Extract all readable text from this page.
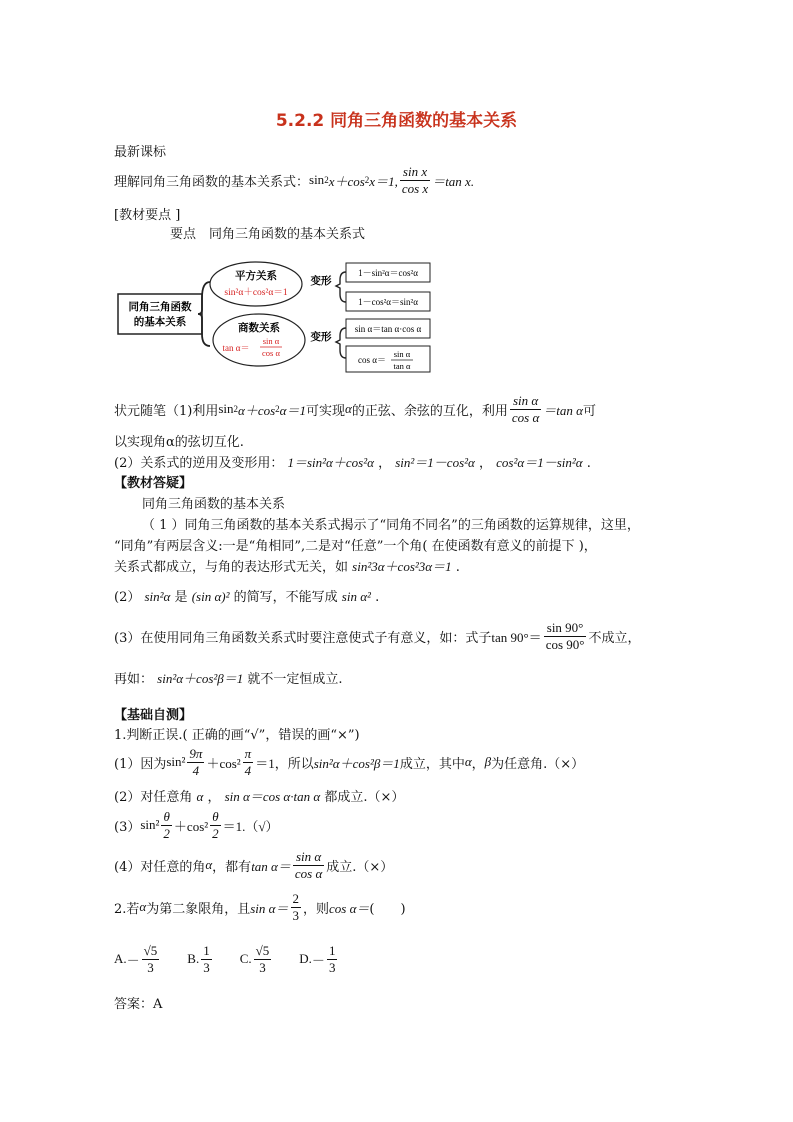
5.2.2 同角三角函数的基本关系
最新课标
理解同角三角函数的基本关系式： sin 2 x＋cos 2 x＝1, $\frac{\text{sin x}}{\text{cos x}} =\tan$ x.
[教材要点 ]
要点　同角三角函数的基本关系式
同角三角函数
的基本关系
平方关系
sin²α＋cos²α＝1
商数关系
tan α＝
sin α
cos α
变形
变形
1－sin²α＝cos²α
1－cos²α＝sin²α
sin α＝tan α·cos α
cos α＝
sin α
tan α
状元随笔（1)利用 sin 2 α＋cos 2 α＝1 可实现 α 的正弦、余弦的互化，利用 $\frac{\text{sin α}}{\text{cos α}} =\tan$ α 可
以实现角α的弦切互化.
(2）关系式的逆用及变形用： 1＝sin²α＋cos²α ， sin²＝1－cos²α ， cos²α＝1－sin²α .
【教材答疑】
同角三角函数的基本关系
（ 1 ）同角三角函数的基本关系式揭示了“同角不同名”的三角函数的运算规律，这里，
“同角”有两层含义:一是“角相同”,二是对“任意”一个角( 在使函数有意义的前提下 )，
关系式都成立，与角的表达形式无关，如 sin²3α＋cos²3α＝1 .
(2） sin²α 是 (sin α)² 的简写，不能写成 sin α² .
(3）在使用同角三角函数关系式时要注意使式子有意义，如：式子 $\tan 90^\circ= \frac{\sin 90^\circ}{\cos 90^\circ}$ 不成立，
再如： sin²α＋cos²β＝1 就不一定恒成立.
【基础自测】
1.判断正误.( 正确的画“√”，错误的画“×”)
(1）因为 $\sin^2 \frac{9\pi}{4} +\cos^2 \frac{\pi}{4} =1$ ，所以 sin²α＋cos²β＝1 成立，其中 α ， β 为任意角.（×）
(2）对任意角 α ， sin α＝cos α·tan α 都成立.（×）
(3） $\sin^2 \frac{\theta}{2} +\cos^2 \frac{\theta}{2} =1.(√)$
(4）对任意的角 α ，都有 $\tan \alpha= \frac{\text{sin α}}{\text{cos α}}$ 成立.（×）
2.若 α 为第二象限角，且 $\sin \alpha= \frac{2}{3}$ ，则 cos α＝ (　　)
A. － $\frac{√5}{3} B$. $\frac{1}{3} C$. $\frac{√5}{3} D$. － $\frac{1}{3}$
答案：A
